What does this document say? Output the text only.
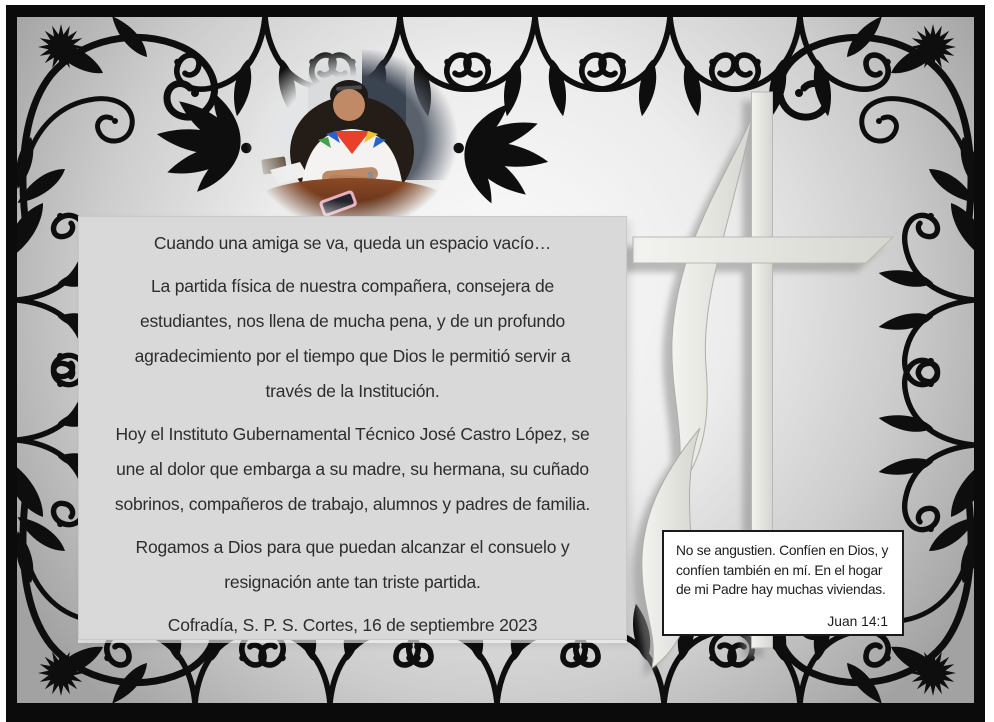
Cuando una amiga se va, queda un espacio vacío…
La partida física de nuestra compañera, consejera de
estudiantes, nos llena de mucha pena, y de un profundo
agradecimiento por el tiempo que Dios le permitió servir a
través de la Institución.
Hoy el Instituto Gubernamental Técnico José Castro López, se
une al dolor que embarga a su madre, su hermana, su cuñado
sobrinos, compañeros de trabajo, alumnos y padres de familia.
Rogamos a Dios para que puedan alcanzar el consuelo y
resignación ante tan triste partida.
Cofradía, S. P. S. Cortes, 16 de septiembre 2023
No se angustien. Confíen en Dios, y
confíen también en mí. En el hogar
de mi Padre hay muchas viviendas.
Juan 14:1
